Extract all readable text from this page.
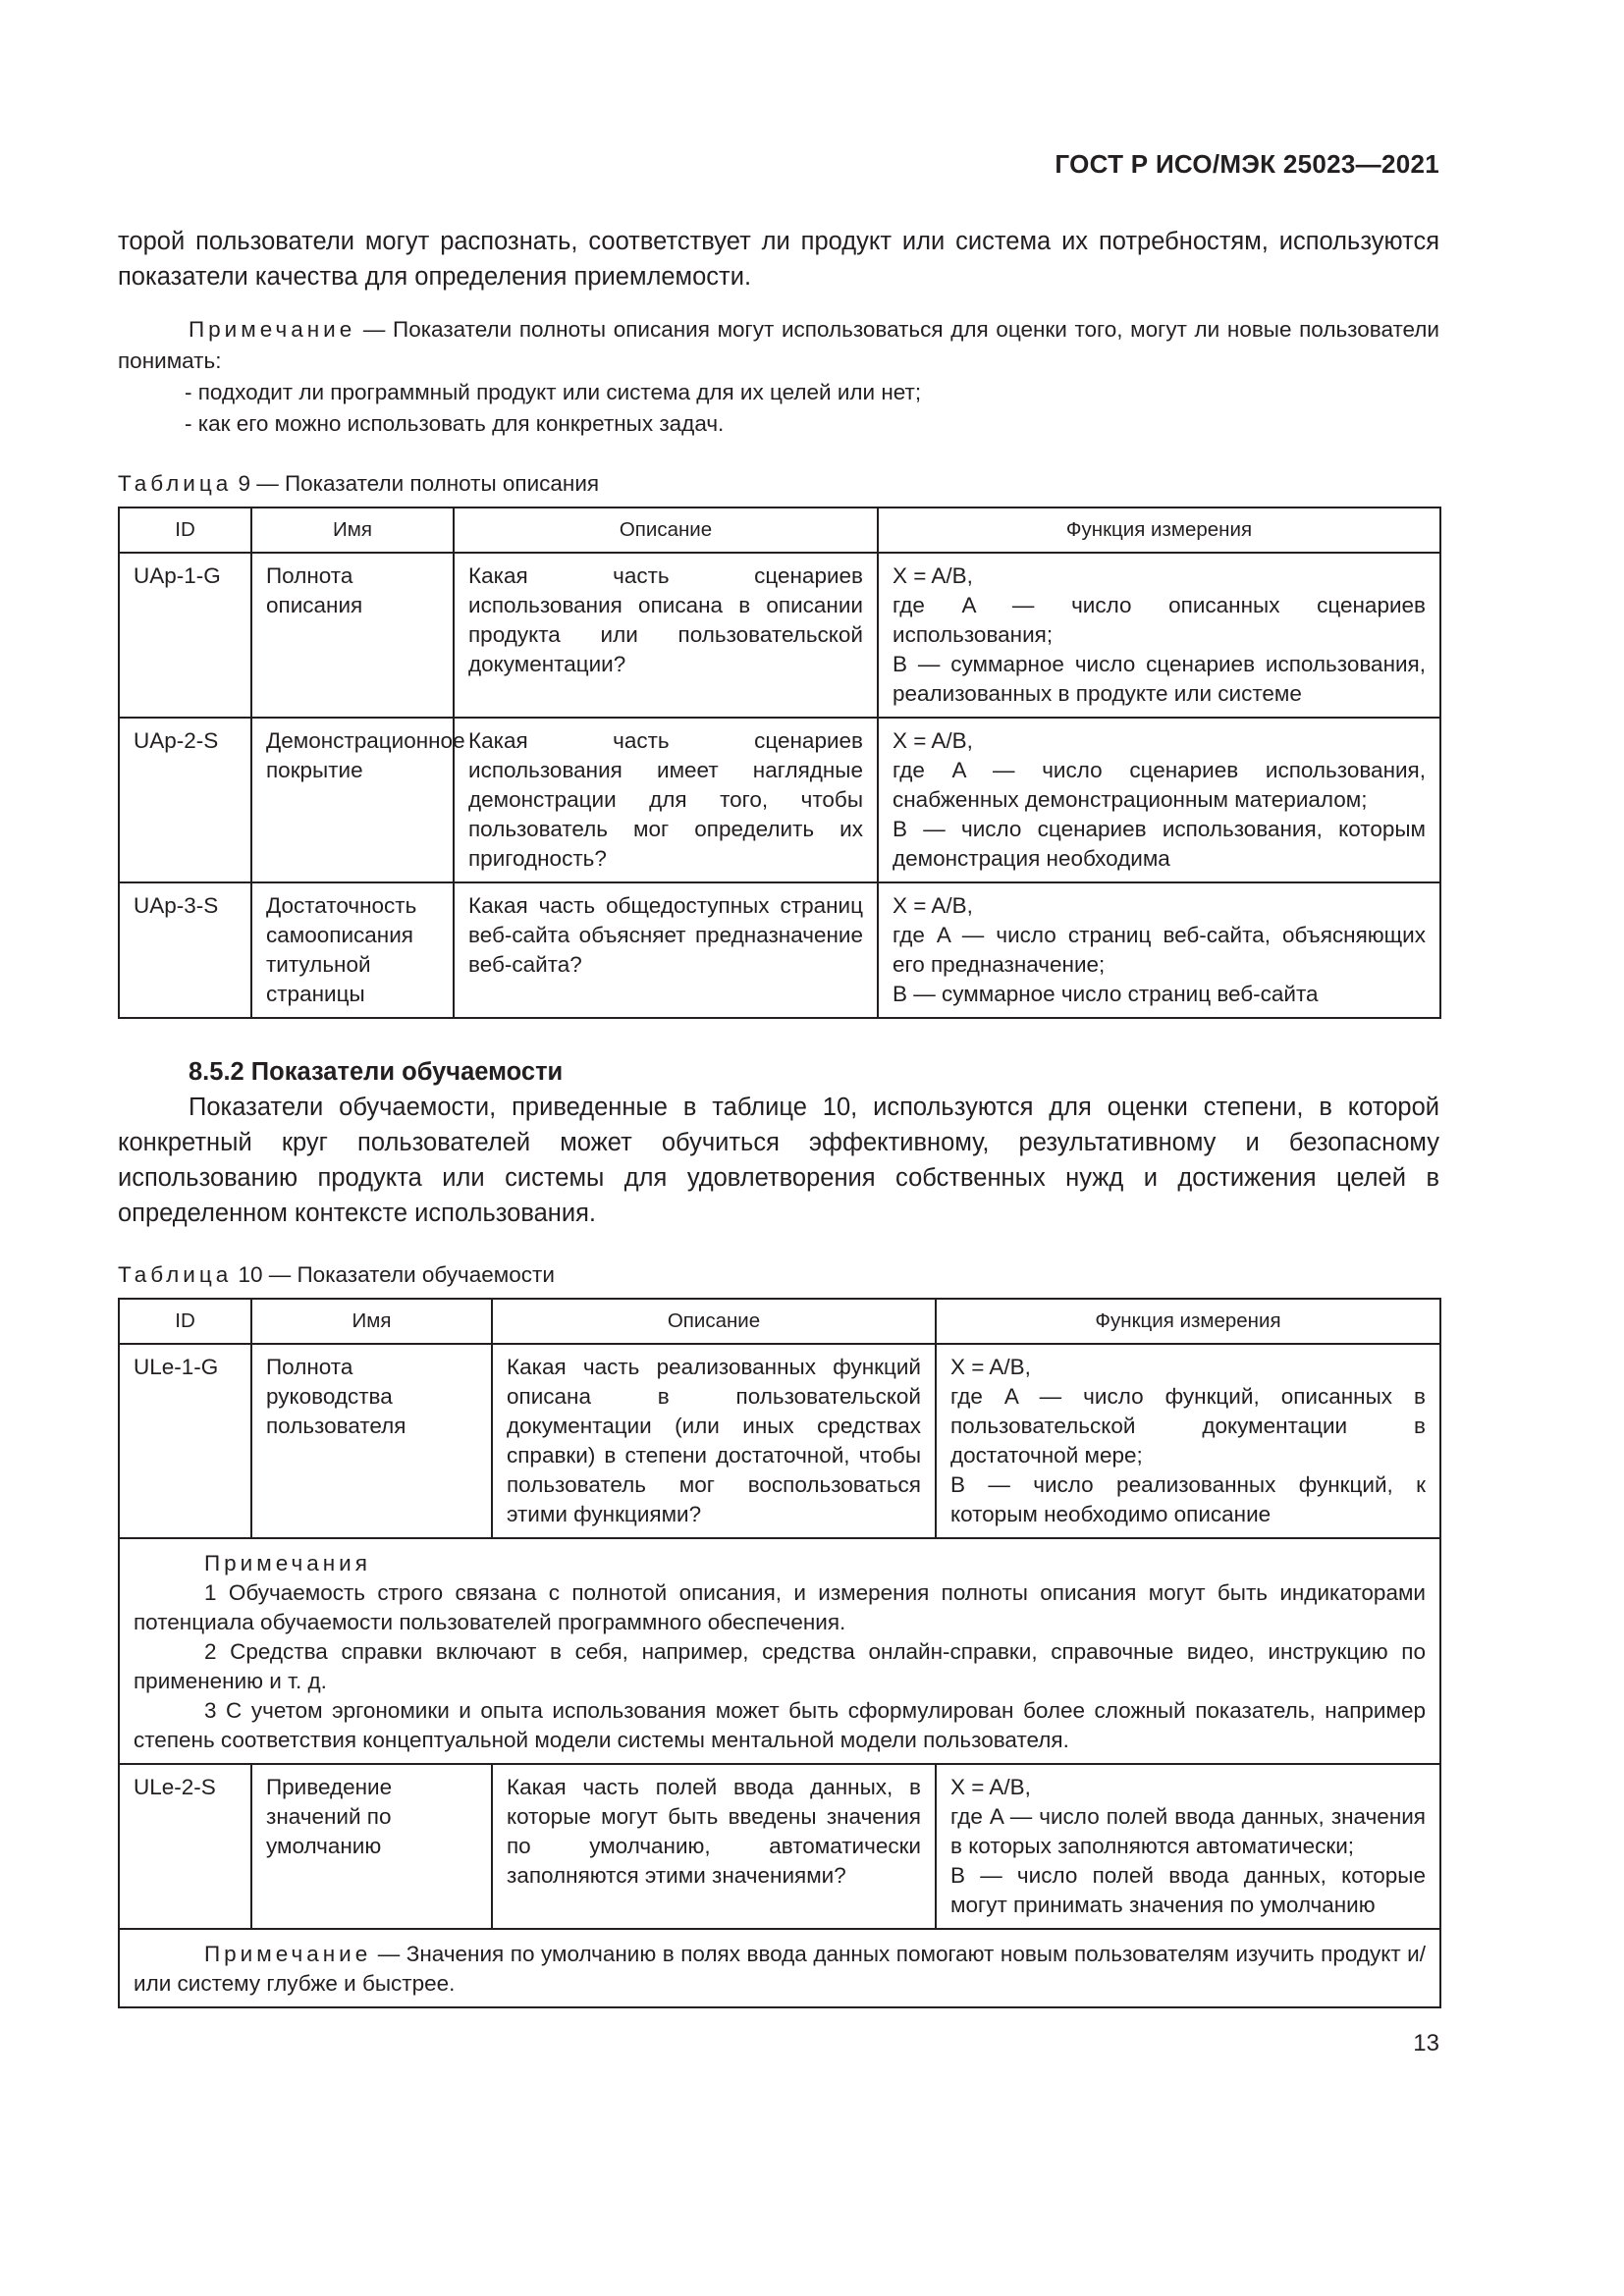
ГОСТ Р ИСО/МЭК 25023—2021

торой пользователи могут распознать, соответствует ли продукт или система их потребностям, используются показатели качества для определения приемлемости.

Примечание — Показатели полноты описания могут использоваться для оценки того, могут ли новые пользователи понимать:

- подходит ли программный продукт или система для их целей или нет;

- как его можно использовать для конкретных задач.

Таблица 9 — Показатели полноты описания
ID	Имя	Описание	Функция измерения
UAp-1-G	Полнота описания	Какая часть сценариев использования описана в описании продукта или пользовательской документации?	X = A/B,
где A — число описанных сценариев использования;
B — суммарное число сценариев использования, реализованных в продукте или системе
UAp-2-S	Демонстрационное покрытие	Какая часть сценариев использования имеет наглядные демонстрации для того, чтобы пользователь мог определить их пригодность?	X = A/B,
где A — число сценариев использования, снабженных демонстрационным материалом;
B — число сценариев использования, которым демонстрация необходима
UAp-3-S	Достаточность самоописания титульной страницы	Какая часть общедоступных страниц веб-сайта объясняет предназначение веб-сайта?	X = A/B,
где A — число страниц веб-сайта, объясняющих его предназначение;
B — суммарное число страниц веб-сайта
8.5.2 Показатели обучаемости

Показатели обучаемости, приведенные в таблице 10, используются для оценки степени, в которой конкретный круг пользователей может обучиться эффективному, результативному и безопасному использованию продукта или системы для удовлетворения собственных нужд и достижения целей в определенном контексте использования.

Таблица 10 — Показатели обучаемости
ID	Имя	Описание	Функция измерения
ULe-1-G	Полнота руководства пользователя	Какая часть реализованных функций описана в пользовательской документации (или иных средствах справки) в степени достаточной, чтобы пользователь мог воспользоваться этими функциями?	X = A/B,
где A — число функций, описанных в пользовательской документации в достаточной мере;
B — число реализованных функций, к которым необходимо описание

Примечания
1 Обучаемость строго связана с полнотой описания, и измерения полноты описания могут быть индикаторами потенциала обучаемости пользователей программного обеспечения.
2 Средства справки включают в себя, например, средства онлайн-справки, справочные видео, инструкцию по применению и т. д.
3 С учетом эргономики и опыта использования может быть сформулирован более сложный показатель, например степень соответствия концептуальной модели системы ментальной модели пользователя.			

ULe-2-S	Приведение значений по умолчанию	Какая часть полей ввода данных, в которые могут быть введены значения по умолчанию, автоматически заполняются этими значениями?	X = A/B,
где A — число полей ввода данных, значения в которых заполняются автоматически;
B — число полей ввода данных, которые могут принимать значения по умолчанию
Примечание — Значения по умолчанию в полях ввода данных помогают новым пользователям изучить продукт и/или систему глубже и быстрее.			
13
